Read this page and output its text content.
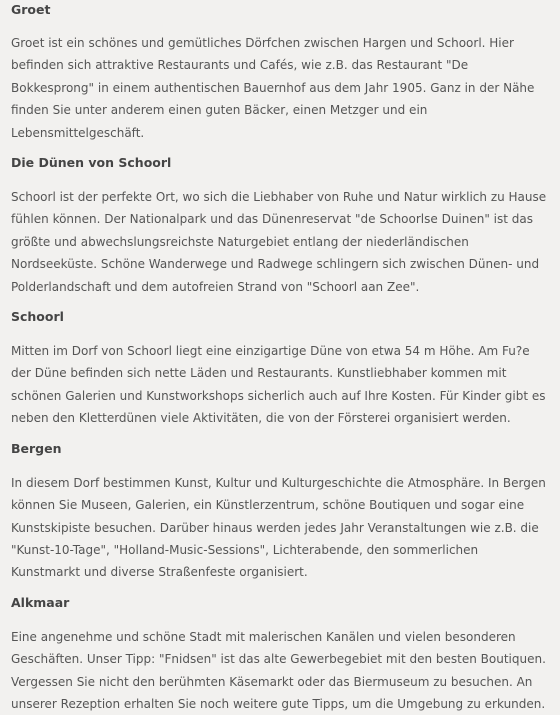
Groet

Groet ist ein schönes und gemütliches Dörfchen zwischen Hargen und Schoorl. Hier befinden sich attraktive Restaurants und Cafés, wie z.B. das Restaurant "De Bokkesprong" in einem authentischen Bauernhof aus dem Jahr 1905. Ganz in der Nähe finden Sie unter anderem einen guten Bäcker, einen Metzger und ein Lebensmittelgeschäft.

Die Dünen von Schoorl

Schoorl ist der perfekte Ort, wo sich die Liebhaber von Ruhe und Natur wirklich zu Hause fühlen können. Der Nationalpark und das Dünenreservat "de Schoorlse Duinen" ist das größte und abwechslungsreichste Naturgebiet entlang der niederländischen Nordseeküste. Schöne Wanderwege und Radwege schlingern sich zwischen Dünen- und Polderlandschaft und dem autofreien Strand von "Schoorl aan Zee".

Schoorl

Mitten im Dorf von Schoorl liegt eine einzigartige Düne von etwa 54 m Höhe. Am Fu?e der Düne befinden sich nette Läden und Restaurants. Kunstliebhaber kommen mit schönen Galerien und Kunstworkshops sicherlich auch auf Ihre Kosten. Für Kinder gibt es neben den Kletterdünen viele Aktivitäten, die von der Försterei organisiert werden.

Bergen

In diesem Dorf bestimmen Kunst, Kultur und Kulturgeschichte die Atmosphäre. In Bergen können Sie Museen, Galerien, ein Künstlerzentrum, schöne Boutiquen und sogar eine Kunstskipiste besuchen. Darüber hinaus werden jedes Jahr Veranstaltungen wie z.B. die "Kunst-10-Tage", "Holland-Music-Sessions", Lichterabende, den sommerlichen Kunstmarkt und diverse Straßenfeste organisiert.

Alkmaar

Eine angenehme und schöne Stadt mit malerischen Kanälen und vielen besonderen Geschäften. Unser Tipp: "Fnidsen" ist das alte Gewerbegebiet mit den besten Boutiquen. Vergessen Sie nicht den berühmten Käsemarkt oder das Biermuseum zu besuchen. An unserer Rezeption erhalten Sie noch weitere gute Tipps, um die Umgebung zu erkunden.
